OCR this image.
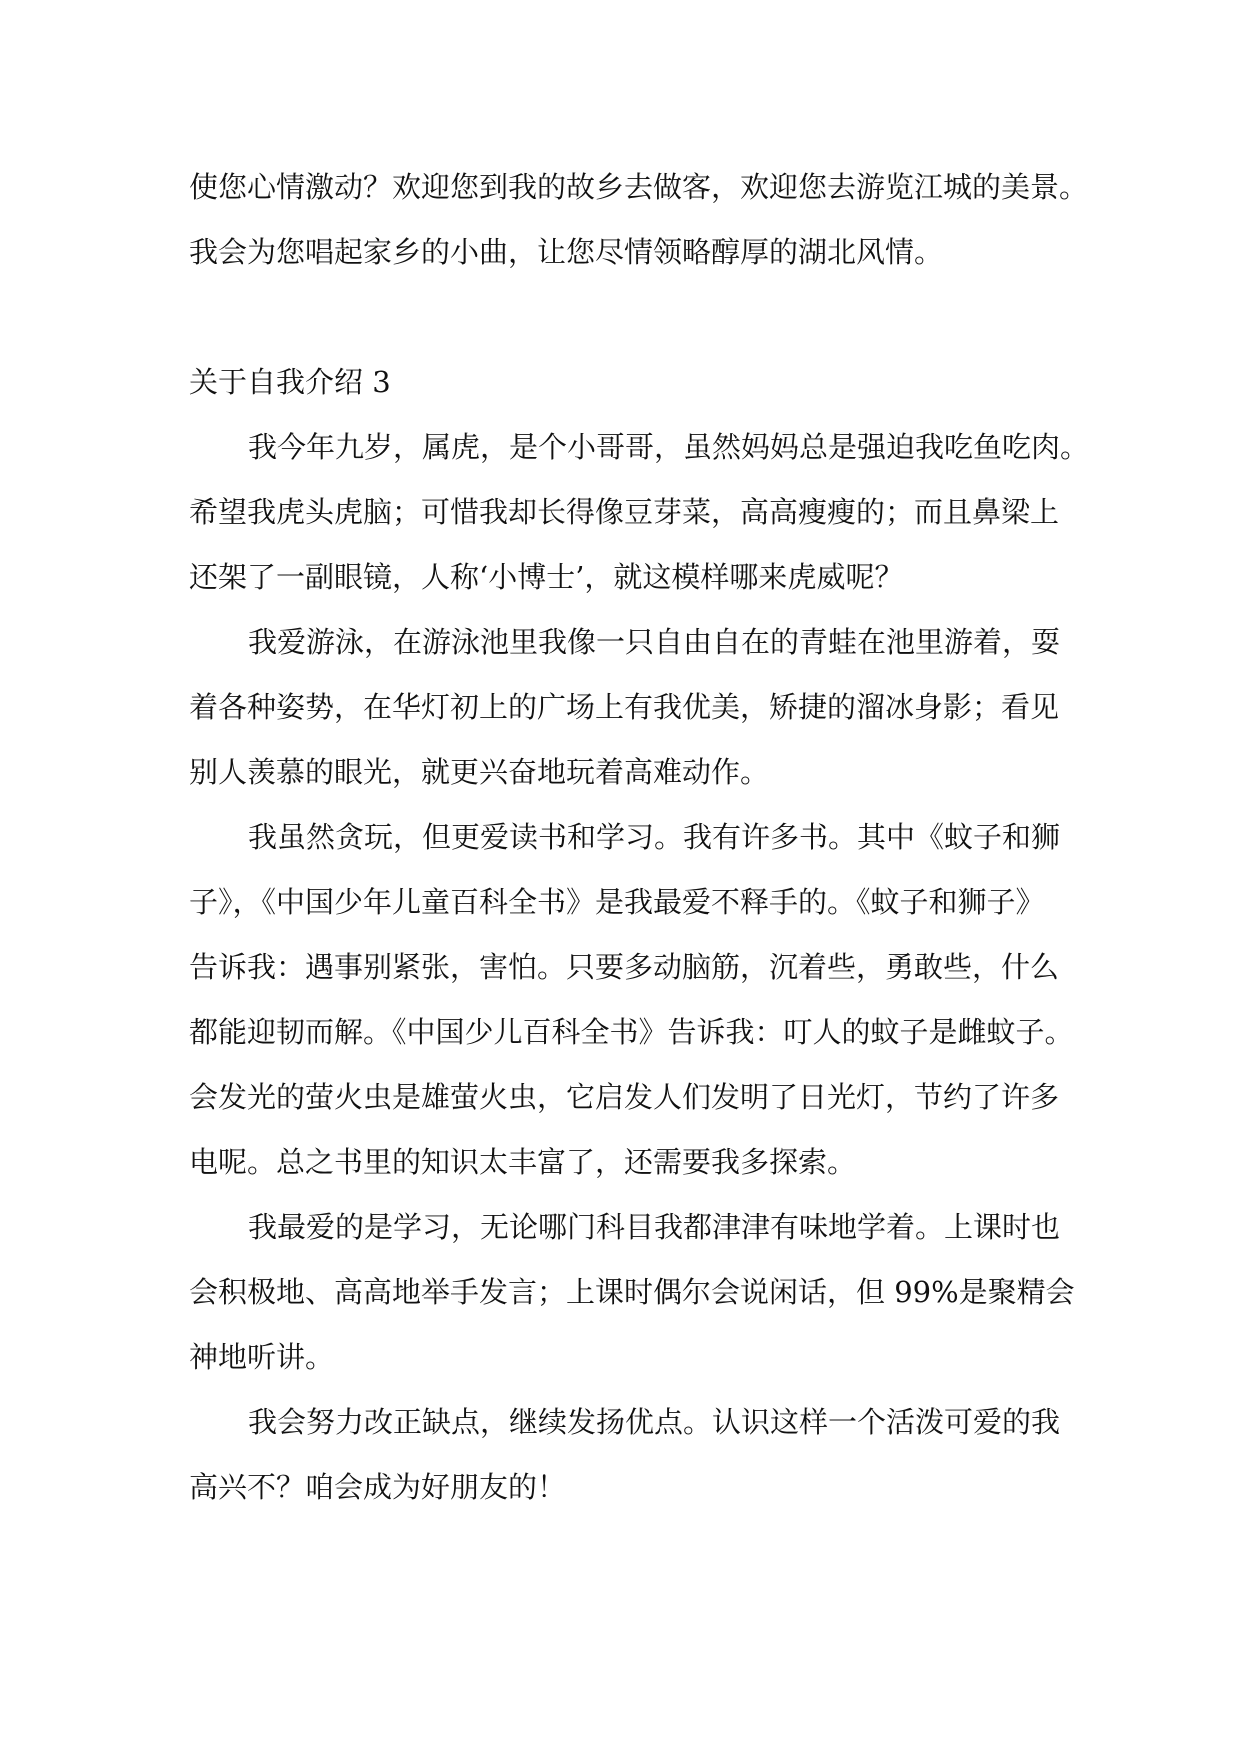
使您心情激动？欢迎您到我的故乡去做客，欢迎您去游览江城的美景。
我会为您唱起家乡的小曲，让您尽情领略醇厚的湖北风情。
关于自我介绍 3
我今年九岁，属虎，是个小哥哥，虽然妈妈总是强迫我吃鱼吃肉。
希望我虎头虎脑；可惜我却长得像豆芽菜，高高瘦瘦的；而且鼻梁上
还架了一副眼镜，人称‘小博士’，就这模样哪来虎威呢？
我爱游泳，在游泳池里我像一只自由自在的青蛙在池里游着，耍
着各种姿势，在华灯初上的广场上有我优美，矫捷的溜冰身影；看见
别人羡慕的眼光，就更兴奋地玩着高难动作。
我虽然贪玩，但更爱读书和学习。我有许多书。其中《蚊子和狮
子》，《中国少年儿童百科全书》是我最爱不释手的。《蚊子和狮子》
告诉我：遇事别紧张，害怕。只要多动脑筋，沉着些，勇敢些，什么
都能迎韧而解。《中国少儿百科全书》告诉我：叮人的蚊子是雌蚊子。
会发光的萤火虫是雄萤火虫，它启发人们发明了日光灯，节约了许多
电呢。总之书里的知识太丰富了，还需要我多探索。
我最爱的是学习，无论哪门科目我都津津有味地学着。上课时也
会积极地、高高地举手发言；上课时偶尔会说闲话，但 99%是聚精会
神地听讲。
我会努力改正缺点，继续发扬优点。认识这样一个活泼可爱的我
高兴不？咱会成为好朋友的！
